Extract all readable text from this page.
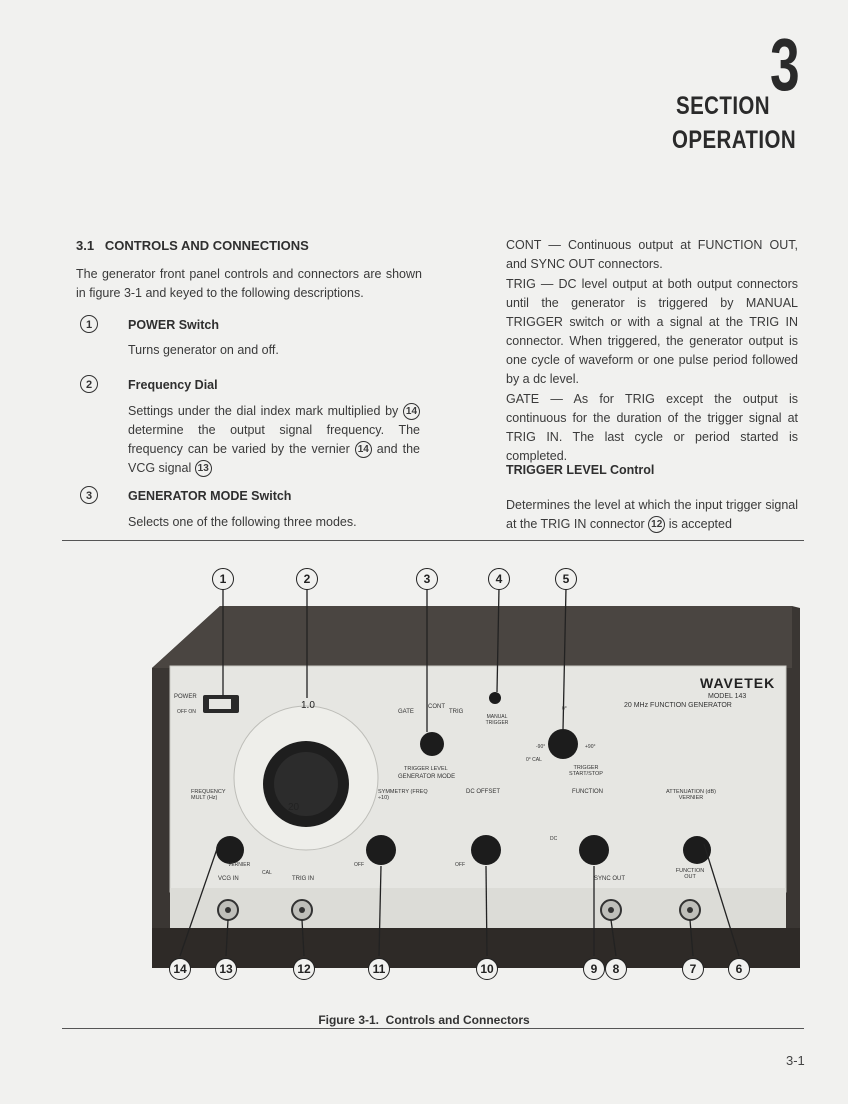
3
SECTION
OPERATION
3.1   CONTROLS AND CONNECTIONS
The generator front panel controls and connectors are shown in figure 3-1 and keyed to the following descriptions.
1	POWER Switch
Turns generator on and off.
2	Frequency Dial
Settings under the dial index mark multiplied by 14 determine the output signal frequency. The frequency can be varied by the vernier 14 and the VCG signal 13
3	GENERATOR MODE Switch
Selects one of the following three modes.
CONT — Continuous output at FUNCTION OUT, and SYNC OUT connectors.
TRIG — DC level output at both output connectors until the generator is triggered by MANUAL TRIGGER switch or with a signal at the TRIG IN connector. When triggered, the generator output is one cycle of waveform or one pulse period followed by a dc level.
GATE — As for TRIG except the output is continuous for the duration of the trigger signal at TRIG IN. The last cycle or period started is completed.
TRIGGER LEVEL Control
Determines the level at which the input trigger signal at the TRIG IN connector 12 is accepted
WAVETEK
MODEL 143
20 MHz FUNCTION GENERATOR
POWER
OFF ON
1.0
20
GATE
CONT
TRIG
MANUAL TRIGGER
TRIGGER LEVEL
GENERATOR MODE
TRIGGER START/STOP
0° CAL
-90°	+90°
0°
FREQUENCY MULT (Hz)
VERNIER
CAL
SYMMETRY (FREQ ÷10)
OFF
DC OFFSET
OFF
FUNCTION
DC
ATTENUATION (dB) VERNIER
VCG IN	TRIG IN	SYNC OUT
FUNCTION OUT
1	2	3	4	5
14	13	12	11	10	9	8	7	6
Figure 3-1.  Controls and Connectors
3-1
